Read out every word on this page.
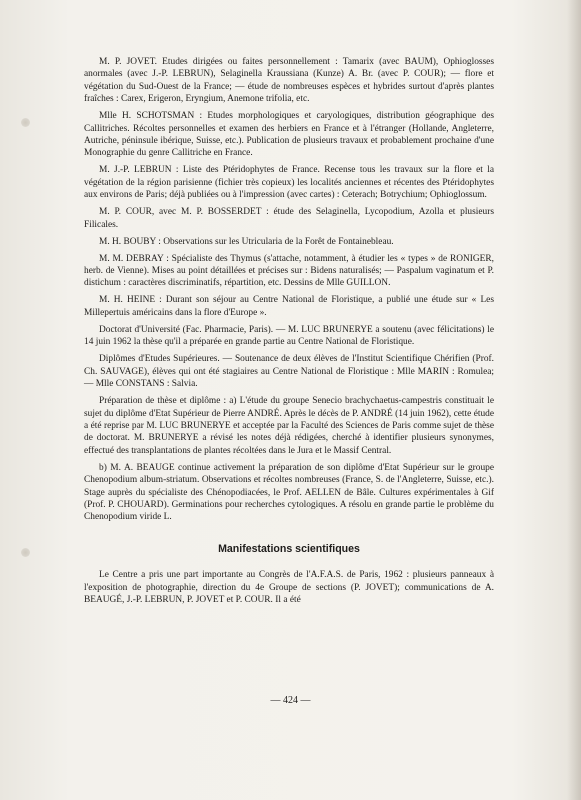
M. P. JOVET. Etudes dirigées ou faites personnellement : Tamarix (avec BAUM), Ophioglosses anormales (avec J.-P. LEBRUN), Selaginella Kraussiana (Kunze) A. Br. (avec P. COUR); — flore et végétation du Sud-Ouest de la France; — étude de nombreuses espèces et hybrides surtout d'après plantes fraîches : Carex, Erigeron, Eryngium, Anemone trifolia, etc.

Mlle H. SCHOTSMAN : Etudes morphologiques et caryologiques, distribution géographique des Callitriches. Récoltes personnelles et examen des herbiers en France et à l'étranger (Hollande, Angleterre, Autriche, péninsule ibérique, Suisse, etc.). Publication de plusieurs travaux et probablement prochaine d'une Monographie du genre Callitriche en France.

M. J.-P. LEBRUN : Liste des Ptéridophytes de France. Recense tous les travaux sur la flore et la végétation de la région parisienne (fichier très copieux) les localités anciennes et récentes des Ptéridophytes aux environs de Paris; déjà publiées ou à l'impression (avec cartes) : Ceterach; Botrychium; Ophioglossum.

M. P. COUR, avec M. P. BOSSERDET : étude des Selaginella, Lycopodium, Azolla et plusieurs Filicales.

M. H. BOUBY : Observations sur les Utricularia de la Forêt de Fontainebleau.

M. M. DEBRAY : Spécialiste des Thymus (s'attache, notamment, à étudier les « types » de RONIGER, herb. de Vienne). Mises au point détaillées et précises sur : Bidens naturalisés; — Paspalum vaginatum et P. distichum : caractères discriminatifs, répartition, etc. Dessins de Mlle GUILLON.

M. H. HEINE : Durant son séjour au Centre National de Floristique, a publié une étude sur « Les Millepertuis américains dans la flore d'Europe ».

Doctorat d'Université (Fac. Pharmacie, Paris). — M. LUC BRUNERYE a soutenu (avec félicitations) le 14 juin 1962 la thèse qu'il a préparée en grande partie au Centre National de Floristique.

Diplômes d'Etudes Supérieures. — Soutenance de deux élèves de l'Institut Scientifique Chérifien (Prof. Ch. SAUVAGE), élèves qui ont été stagiaires au Centre National de Floristique : Mlle MARIN : Romulea; — Mlle CONSTANS : Salvia.

Préparation de thèse et diplôme : a) L'étude du groupe Senecio brachychaetus-campestris constituait le sujet du diplôme d'Etat Supérieur de Pierre ANDRÉ. Après le décès de P. ANDRÉ (14 juin 1962), cette étude a été reprise par M. LUC BRUNERYE et acceptée par la Faculté des Sciences de Paris comme sujet de thèse de doctorat. M. BRUNERYE a révisé les notes déjà rédigées, cherché à identifier plusieurs synonymes, effectué des transplantations de plantes récoltées dans le Jura et le Massif Central.

b) M. A. BEAUGE continue activement la préparation de son diplôme d'Etat Supérieur sur le groupe Chenopodium album-striatum. Observations et récoltes nombreuses (France, S. de l'Angleterre, Suisse, etc.). Stage auprès du spécialiste des Chénopodiacées, le Prof. AELLEN de Bâle. Cultures expérimentales à Gif (Prof. P. CHOUARD). Germinations pour recherches cytologiques. A résolu en grande partie le problème du Chenopodium viride L.

Manifestations scientifiques

Le Centre a pris une part importante au Congrès de l'A.F.A.S. de Paris, 1962 : plusieurs panneaux à l'exposition de photographie, direction du 4e Groupe de sections (P. JOVET); communications de A. BEAUGÉ, J.-P. LEBRUN, P. JOVET et P. COUR. Il a été

— 424 —
